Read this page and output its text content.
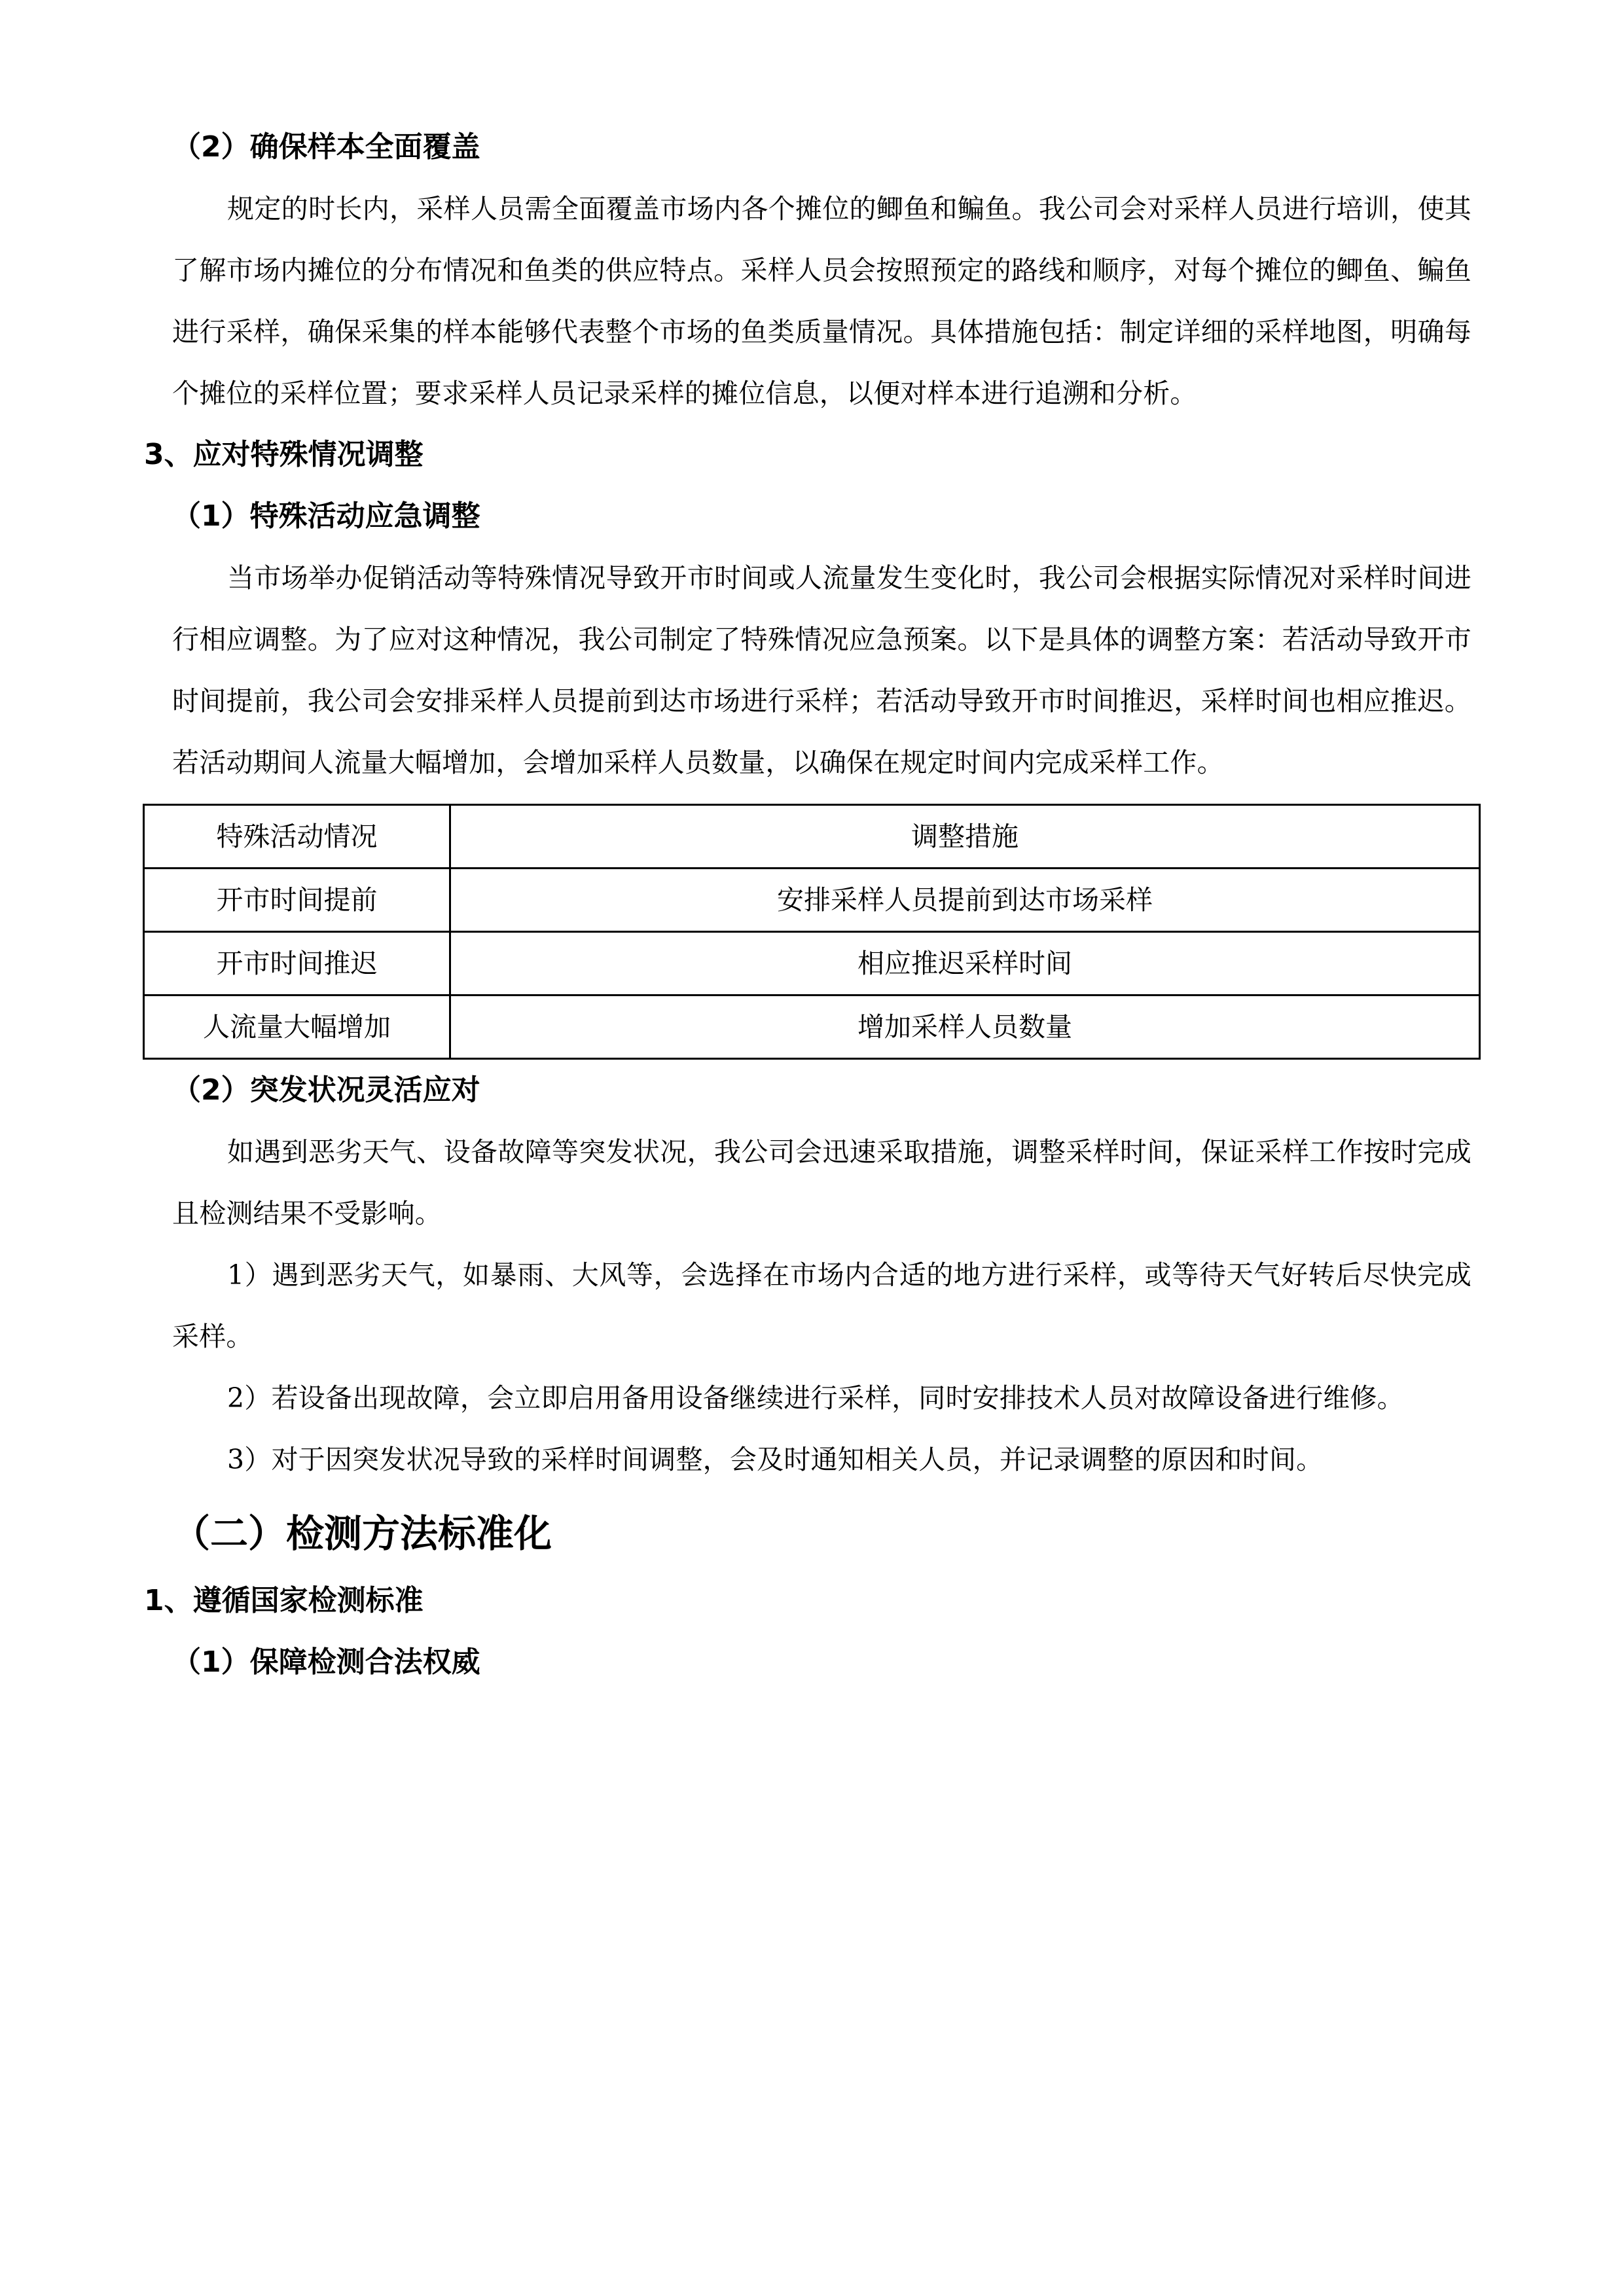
（2）确保样本全面覆盖

规定的时长内，采样人员需全面覆盖市场内各个摊位的鲫鱼和鳊鱼。我公司会对采样人员进行培训，使其了解市场内摊位的分布情况和鱼类的供应特点。采样人员会按照预定的路线和顺序，对每个摊位的鲫鱼、鳊鱼进行采样，确保采集的样本能够代表整个市场的鱼类质量情况。具体措施包括：制定详细的采样地图，明确每个摊位的采样位置；要求采样人员记录采样的摊位信息，以便对样本进行追溯和分析。

3、应对特殊情况调整
（1）特殊活动应急调整

当市场举办促销活动等特殊情况导致开市时间或人流量发生变化时，我公司会根据实际情况对采样时间进行相应调整。为了应对这种情况，我公司制定了特殊情况应急预案。以下是具体的调整方案：若活动导致开市时间提前，我公司会安排采样人员提前到达市场进行采样；若活动导致开市时间推迟，采样时间也相应推迟。若活动期间人流量大幅增加，会增加采样人员数量，以确保在规定时间内完成采样工作。

特殊活动情况	调整措施
开市时间提前	安排采样人员提前到达市场采样
开市时间推迟	相应推迟采样时间
人流量大幅增加	增加采样人员数量
（2）突发状况灵活应对

如遇到恶劣天气、设备故障等突发状况，我公司会迅速采取措施，调整采样时间，保证采样工作按时完成且检测结果不受影响。

1）遇到恶劣天气，如暴雨、大风等，会选择在市场内合适的地方进行采样，或等待天气好转后尽快完成采样。

2）若设备出现故障，会立即启用备用设备继续进行采样，同时安排技术人员对故障设备进行维修。

3）对于因突发状况导致的采样时间调整，会及时通知相关人员，并记录调整的原因和时间。

（二）检测方法标准化
1、遵循国家检测标准
（1）保障检测合法权威
